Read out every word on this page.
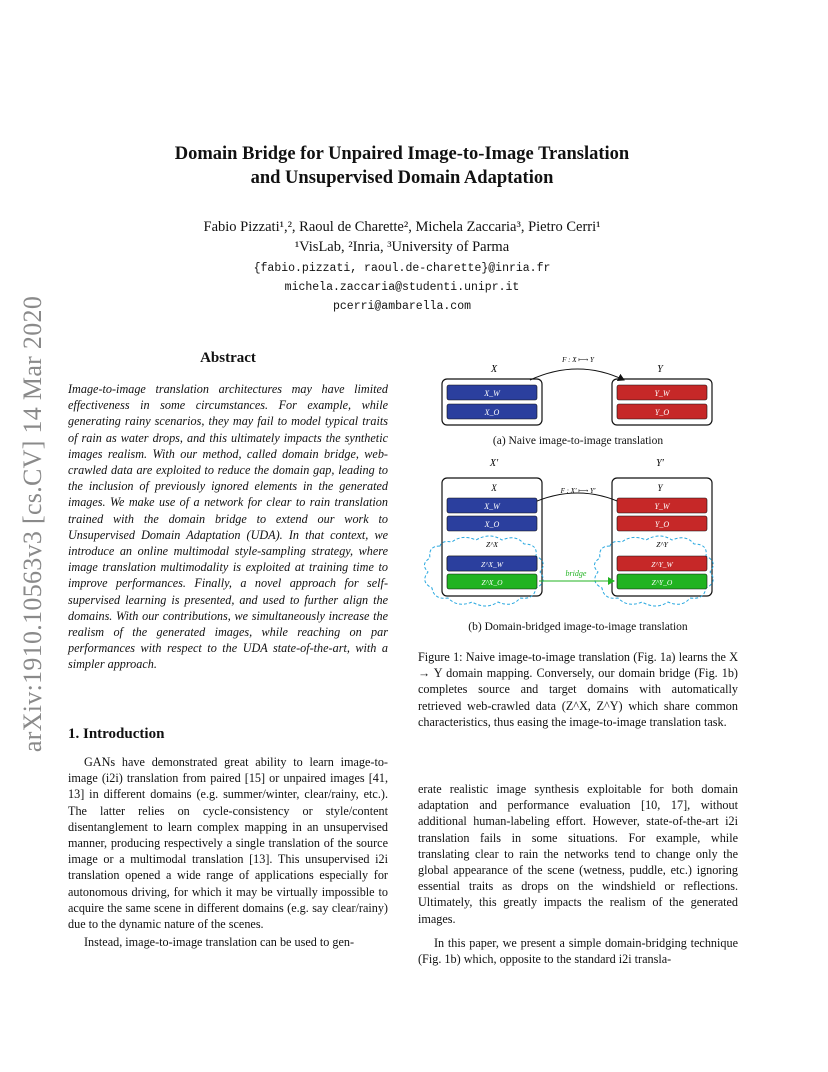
arXiv:1910.10563v3 [cs.CV] 14 Mar 2020
Domain Bridge for Unpaired Image-to-Image Translation
and Unsupervised Domain Adaptation
Fabio Pizzati¹,², Raoul de Charette², Michela Zaccaria³, Pietro Cerri¹
¹VisLab, ²Inria, ³University of Parma
{fabio.pizzati, raoul.de-charette}@inria.fr
michela.zaccaria@studenti.unipr.it
pcerri@ambarella.com
Abstract
Image-to-image translation architectures may have limited effectiveness in some circumstances. For example, while generating rainy scenarios, they may fail to model typical traits of rain as water drops, and this ultimately impacts the synthetic images realism. With our method, called domain bridge, web-crawled data are exploited to reduce the domain gap, leading to the inclusion of previously ignored elements in the generated images. We make use of a network for clear to rain translation trained with the domain bridge to extend our work to Unsupervised Domain Adaptation (UDA). In that context, we introduce an online multimodal style-sampling strategy, where image translation multimodality is exploited at training time to improve performances. Finally, a novel approach for self-supervised learning is presented, and used to further align the domains. With our contributions, we simultaneously increase the realism of the generated images, while reaching on par performances with respect to the UDA state-of-the-art, with a simpler approach.
1. Introduction

GANs have demonstrated great ability to learn image-to-image (i2i) translation from paired [15] or unpaired images [41, 13] in different domains (e.g. summer/winter, clear/rainy, etc.). The latter relies on cycle-consistency or style/content disentanglement to learn complex mapping in an unsupervised manner, producing respectively a single translation of the source image or a multimodal translation [13]. This unsupervised i2i translation opened a wide range of applications especially for autonomous driving, for which it may be virtually impossible to acquire the same scene in different domains (e.g. say clear/rainy) due to the dynamic nature of the scenes.

Instead, image-to-image translation can be used to gen-

X	Y
F : X ⟼ Y
X_W
X_O
Y_W
Y_O
X′	Y′
X	Y
F : X′ ⟼ Y′
X_W
X_O
Y_W
Y_O
Z^X	Z^Y
Z^X_W
Z^X_O
Z^Y_W
Z^Y_O
bridge
(a) Naive image-to-image translation
(b) Domain-bridged image-to-image translation
Figure 1: Naive image-to-image translation (Fig. 1a) learns the X → Y domain mapping. Conversely, our domain bridge (Fig. 1b) completes source and target domains with automatically retrieved web-crawled data (Z^X, Z^Y) which share common characteristics, thus easing the image-to-image translation task.

erate realistic image synthesis exploitable for both domain adaptation and performance evaluation [10, 17], without additional human-labeling effort. However, state-of-the-art i2i translation fails in some situations. For example, while translating clear to rain the networks tend to change only the global appearance of the scene (wetness, puddle, etc.) ignoring essential traits as drops on the windshield or reflections. Ultimately, this greatly impacts the realism of the generated images.

In this paper, we present a simple domain-bridging technique (Fig. 1b) which, opposite to the standard i2i transla-
